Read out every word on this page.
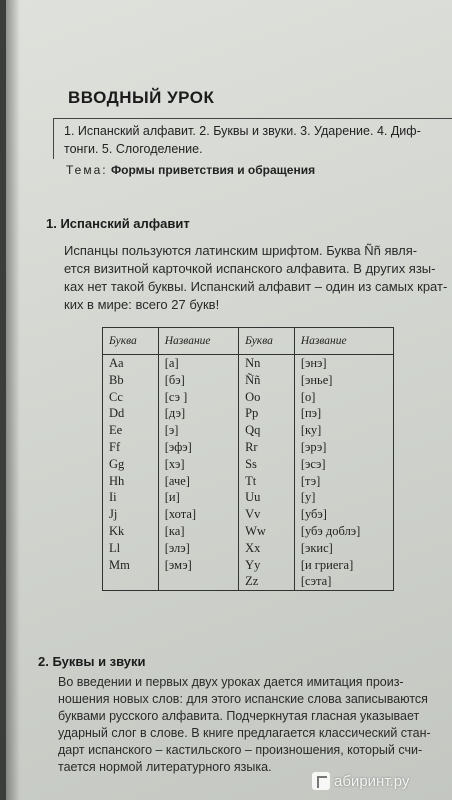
ВВОДНЫЙ УРОК
1. Испанский алфавит. 2. Буквы и звуки. 3. Ударение. 4. Диф-
тонги. 5. Слогоделение.
Тема: Формы приветствия и обращения
1. Испанский алфавит
Испанцы пользуются латинским шрифтом. Буква Ññ явля-
ется визитной карточкой испанского алфавита. В других язы-
ках нет такой буквы. Испанский алфавит – один из самых крат-
ких в мире: всего 27 букв!
Буква	Название	Буква	Название
Aa	[а]	Nn	[энэ]
Bb	[бэ]	Ññ	[энье]
Cc	[сэ ]	Oo	[о]
Dd	[дэ]	Pp	[пэ]
Ee	[э]	Qq	[ку]
Ff	[эфэ]	Rr	[эрэ]
Gg	[хэ]	Ss	[эсэ]
Hh	[аче]	Tt	[тэ]
Ii	[и]	Uu	[у]
Jj	[хота]	Vv	[убэ]
Kk	[ка]	Ww	[убэ доблэ]
Ll	[элэ]	Xx	[экис]
Mm	[эмэ]	Yy	[и гриега]
		Zz	[сэта]
2. Буквы и звуки
Во введении и первых двух уроках дается имитация произ-
ношения новых слов: для этого испанские слова записываются
буквами русского алфавита. Подчеркнутая гласная указывает
ударный слог в слове. В книге предлагается классический стан-
дарт испанского – кастильского – произношения, который счи-
тается нормой литературного языка.
абиринт.ру
